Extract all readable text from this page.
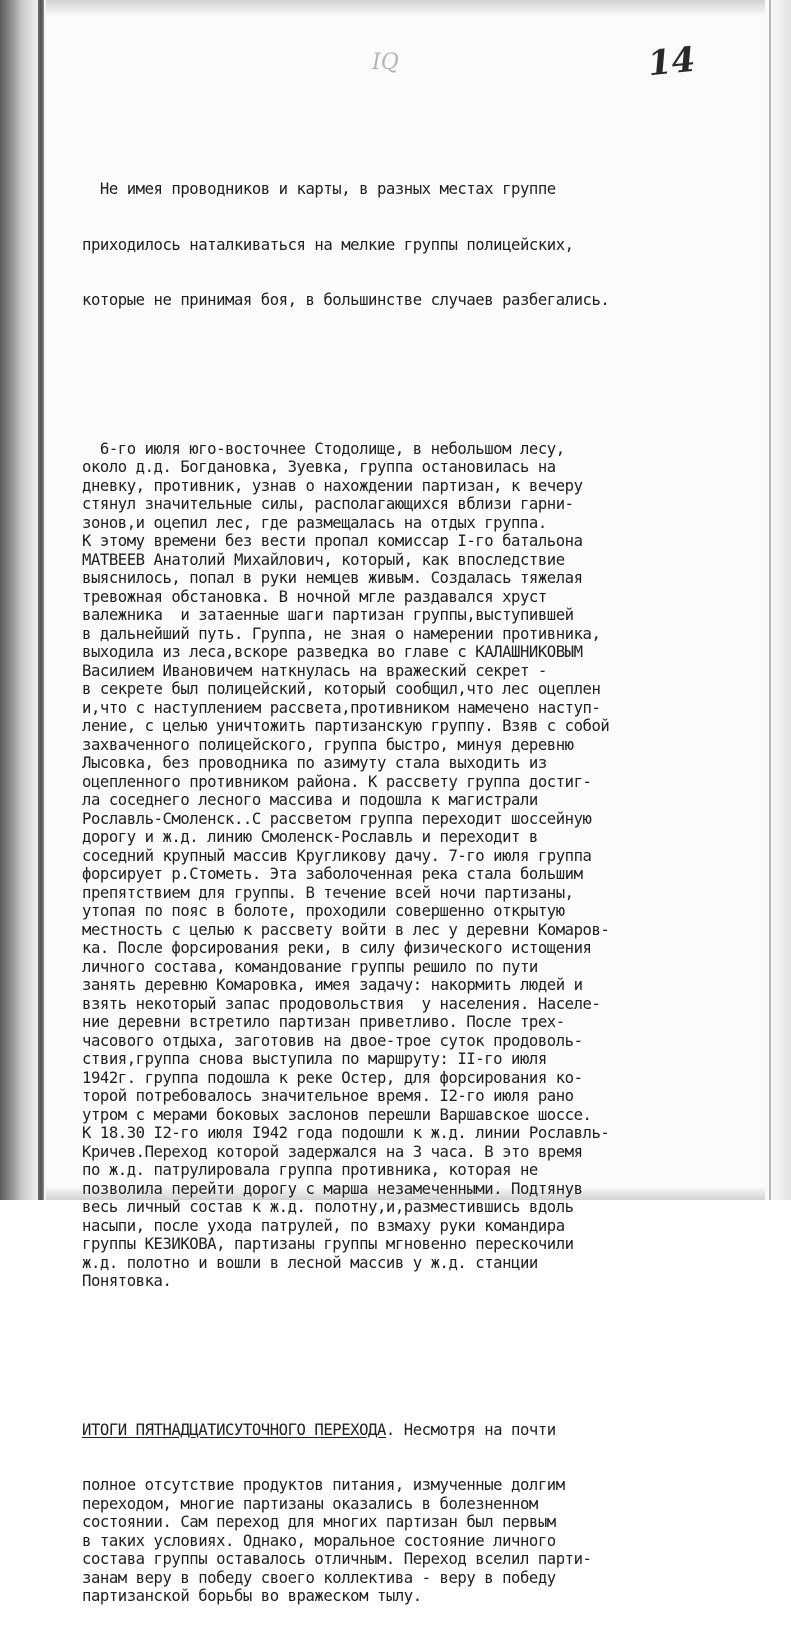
IQ	14

Не имея проводников и карты, в разных местах группе

приходилось наталкиваться на мелкие группы полицейских,

которые не принимая боя, в большинстве случаев разбегались.

6-го июля юго-восточнее Стодолище, в небольшом лесу,
около д.д. Богдановка, Зуевка, группа остановилась на
дневку, противник, узнав о нахождении партизан, к вечеру
стянул значительные силы, располагающихся вблизи гарни-
зонов,и оцепил лес, где размещалась на отдых группа.
К этому времени без вести пропал комиссар I-го батальона
МАТВЕЕВ Анатолий Михайлович, который, как впоследствие
выяснилось, попал в руки немцев живым. Создалась тяжелая
тревожная обстановка. В ночной мгле раздавался хруст
валежника  и затаенные шаги партизан группы,выступившей
в дальнейший путь. Группа, не зная о намерении противника,
выходила из леса,вскоре разведка во главе с КАЛАШНИКОВЫМ
Василием Ивановичем наткнулась на вражеский секрет -
в секрете был полицейский, который сообщил,что лес оцеплен
и,что с наступлением рассвета,противником намечено наступ-
ление, с целью уничтожить партизанскую группу. Взяв с собой
захваченного полицейского, группа быстро, минуя деревню
Лысовка, без проводника по азимуту стала выходить из
оцепленного противником района. К рассвету группа достиг-
ла соседнего лесного массива и подошла к магистрали
Рославль-Смоленск..С рассветом группа переходит шоссейную
дорогу и ж.д. линию Смоленск-Рославль и переходит в
соседний крупный массив Кругликову дачу. 7-го июля группа
форсирует р.Стометь. Эта заболоченная река стала большим
препятствием для группы. В течение всей ночи партизаны,
утопая по пояс в болоте, проходили совершенно открытую
местность с целью к рассвету войти в лес у деревни Комаров-
ка. После форсирования реки, в силу физического истощения
личного состава, командование группы решило по пути
занять деревню Комаровка, имея задачу: накормить людей и
взять некоторый запас продовольствия  у населения. Населе-
ние деревни встретило партизан приветливо. После трех-
часового отдыха, заготовив на двое-трое суток продоволь-
ствия,группа снова выступила по маршруту: II-го июля
1942г. группа подошла к реке Остер, для форсирования ко-
торой потребовалось значительное время. I2-го июля рано
утром с мерами боковых заслонов перешли Варшавское шоссе.
К 18.30 I2-го июля I942 года подошли к ж.д. линии Рославль-
Кричев.Переход которой задержался на 3 часа. В это время
по ж.д. патрулировала группа противника, которая не
позволила перейти дорогу с марша незамеченными. Подтянув
весь личный состав к ж.д. полотну,и,разместившись вдоль
насыпи, после ухода патрулей, по взмаху руки командира
группы КЕЗИКОВА, партизаны группы мгновенно перескочили
ж.д. полотно и вошли в лесной массив у ж.д. станции
Понятовка.

ИТОГИ ПЯТНАДЦАТИСУТОЧНОГО ПЕРЕХОДА. Несмотря на почти

полное отсутствие продуктов питания, измученные долгим
переходом, многие партизаны оказались в болезненном
состоянии. Сам переход для многих партизан был первым
в таких условиях. Однако, моральное состояние личного
состава группы оставалось отличным. Переход вселил парти-
занам веру в победу своего коллектива - веру в победу
партизанской борьбы во вражеском тылу.
